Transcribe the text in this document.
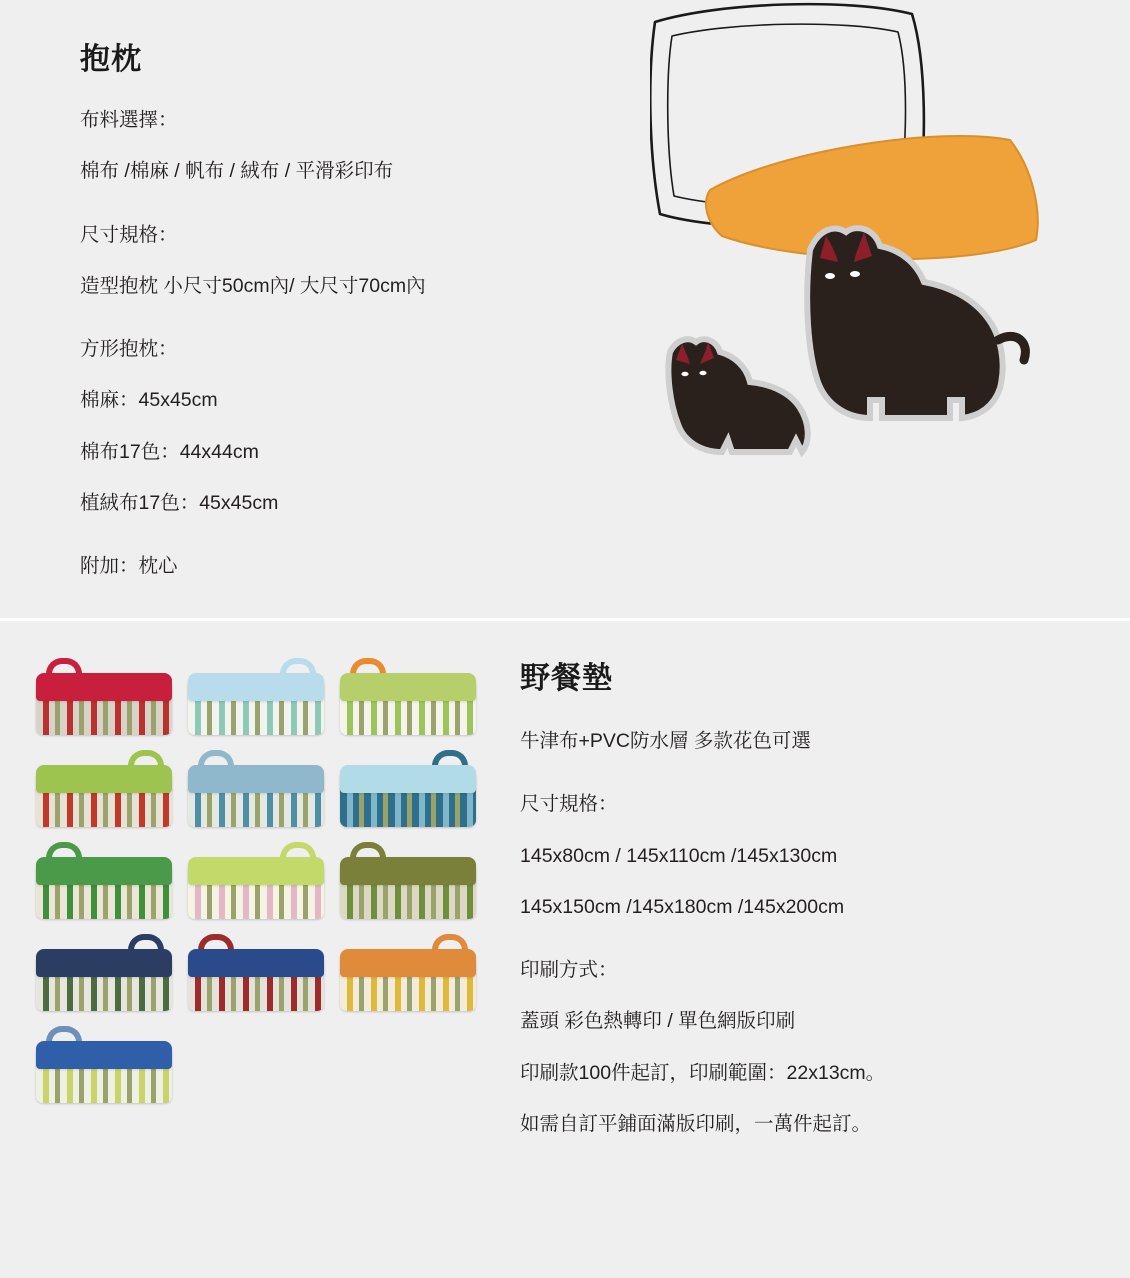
抱枕

布料選擇：

棉布 /棉麻 / 帆布 / 絨布 / 平滑彩印布

尺寸規格：

造型抱枕 小尺寸50cm內/ 大尺寸70cm內

方形抱枕：

棉麻：45x45cm

棉布17色：44x44cm

植絨布17色：45x45cm

附加：枕心

野餐墊

牛津布+PVC防水層 多款花色可選

尺寸規格：

145x80cm / 145x110cm /145x130cm

145x150cm /145x180cm /145x200cm

印刷方式：

蓋頭 彩色熱轉印 / 單色網版印刷

印刷款100件起訂，印刷範圍：22x13cm。

如需自訂平鋪面滿版印刷，一萬件起訂。
